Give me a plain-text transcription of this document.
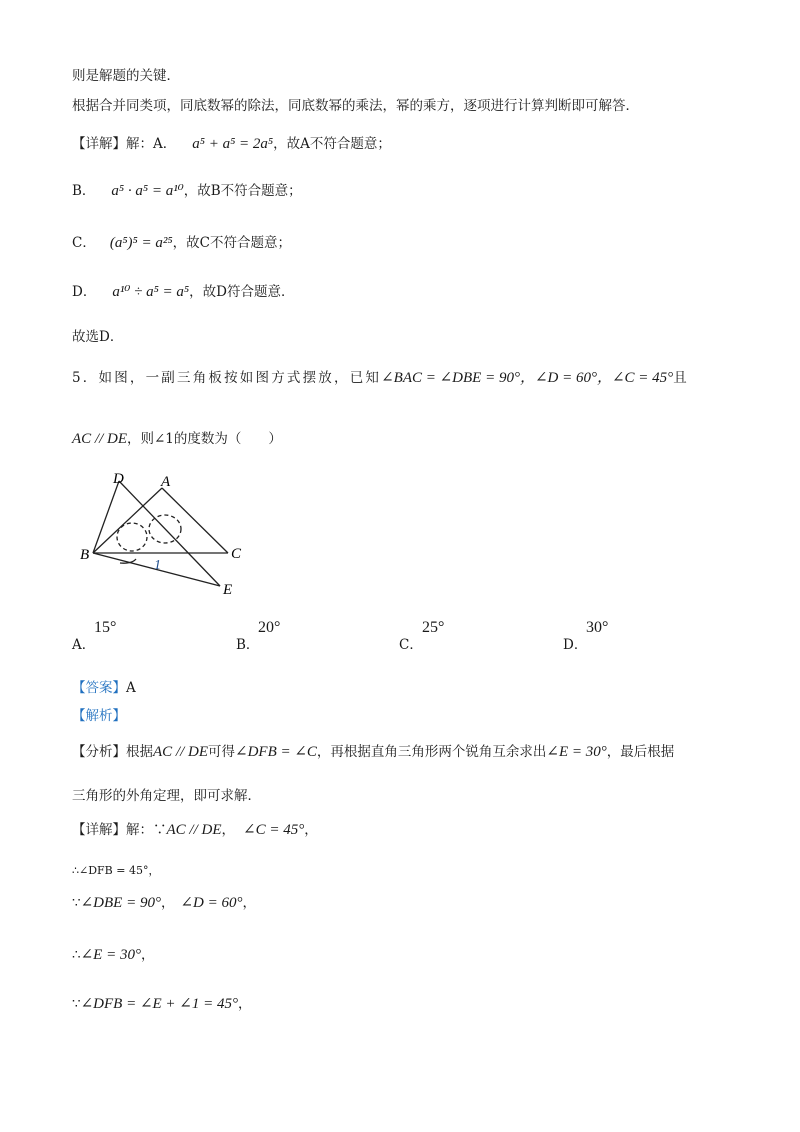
则是解题的关键．
根据合并同类项，同底数幂的除法，同底数幂的乘法，幂的乘方，逐项进行计算判断即可解答．
【详解】解：A． a⁵ + a⁵ = 2a⁵，故A不符合题意；
B． a⁵ · a⁵ = a¹⁰，故B不符合题意；
C． (a⁵)⁵ = a²⁵，故C不符合题意；
D． a¹⁰ ÷ a⁵ = a⁵，故D符合题意．
故选D．
5．如图，一副三角板按如图方式摆放，已知∠BAC = ∠DBE = 90°，∠D = 60°，∠C = 45°且
AC // DE，则∠1的度数为（　　）
D A
B	C
E
1
A．
15°
B．
20°
C．
25°
D．
30°
【答案】A
【解析】
【分析】根据AC // DE可得∠DFB = ∠C，再根据直角三角形两个锐角互余求出∠E = 30°，最后根据
三角形的外角定理，即可求解．
【详解】解：∵AC // DE， ∠C = 45°，
∴∠DFB = 45°，
∵∠DBE = 90°， ∠D = 60°，
∴∠E = 30°，
∵∠DFB = ∠E + ∠1 = 45°，
